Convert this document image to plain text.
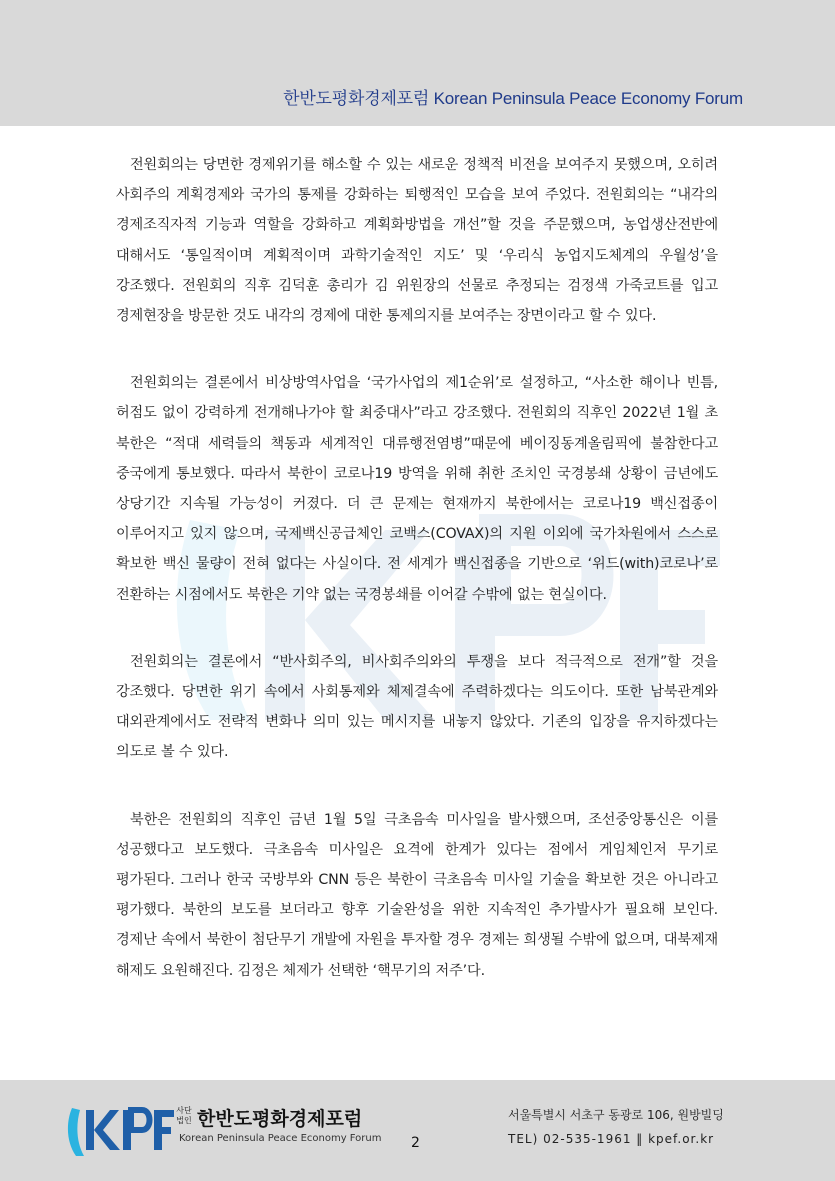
한반도평화경제포럼 Korean Peninsula Peace Economy Forum

전원회의는 당면한 경제위기를 해소할 수 있는 새로운 정책적 비전을 보여주지 못했으며, 오히려 사회주의 계획경제와 국가의 통제를 강화하는 퇴행적인 모습을 보여 주었다. 전원회의는 “내각의 경제조직자적 기능과 역할을 강화하고 계획화방법을 개선”할 것을 주문했으며, 농업생산전반에 대해서도 ‘통일적이며 계획적이며 과학기술적인 지도’ 및 ‘우리식 농업지도체계의 우월성’을 강조했다. 전원회의 직후 김덕훈 총리가 김 위원장의 선물로 추정되는 검정색 가죽코트를 입고 경제현장을 방문한 것도 내각의 경제에 대한 통제의지를 보여주는 장면이라고 할 수 있다.

전원회의는 결론에서 비상방역사업을 ‘국가사업의 제1순위’로 설정하고, “사소한 해이나 빈틈, 허점도 없이 강력하게 전개해나가야 할 최중대사”라고 강조했다. 전원회의 직후인 2022년 1월 초 북한은 “적대 세력들의 책동과 세계적인 대류행전염병”때문에 베이징동계올림픽에 불참한다고 중국에게 통보했다. 따라서 북한이 코로나19 방역을 위해 취한 조치인 국경봉쇄 상황이 금년에도 상당기간 지속될 가능성이 커졌다. 더 큰 문제는 현재까지 북한에서는 코로나19 백신접종이 이루어지고 있지 않으며, 국제백신공급체인 코백스(COVAX)의 지원 이외에 국가차원에서 스스로 확보한 백신 물량이 전혀 없다는 사실이다. 전 세계가 백신접종을 기반으로 ‘위드(with)코로나’로 전환하는 시점에서도 북한은 기약 없는 국경봉쇄를 이어갈 수밖에 없는 현실이다.

전원회의는 결론에서 “반사회주의, 비사회주의와의 투쟁을 보다 적극적으로 전개”할 것을 강조했다. 당면한 위기 속에서 사회통제와 체제결속에 주력하겠다는 의도이다. 또한 남북관계와 대외관계에서도 전략적 변화나 의미 있는 메시지를 내놓지 않았다. 기존의 입장을 유지하겠다는 의도로 볼 수 있다.

북한은 전원회의 직후인 금년 1월 5일 극초음속 미사일을 발사했으며, 조선중앙통신은 이를 성공했다고 보도했다. 극초음속 미사일은 요격에 한계가 있다는 점에서 게임체인저 무기로 평가된다. 그러나 한국 국방부와 CNN 등은 북한이 극초음속 미사일 기술을 확보한 것은 아니라고 평가했다. 북한의 보도를 보더라고 향후 기술완성을 위한 지속적인 추가발사가 필요해 보인다. 경제난 속에서 북한이 첨단무기 개발에 자원을 투자할 경우 경제는 희생될 수밖에 없으며, 대북제재 해제도 요원해진다. 김정은 체제가 선택한 ‘핵무기의 저주’다.

사단법인 한반도평화경제포럼
Korean Peninsula Peace Economy Forum 2
서울특별시 서초구 동광로 106, 원방빌딩
TEL) 02-535-1961 ‖ kpef.or.kr
